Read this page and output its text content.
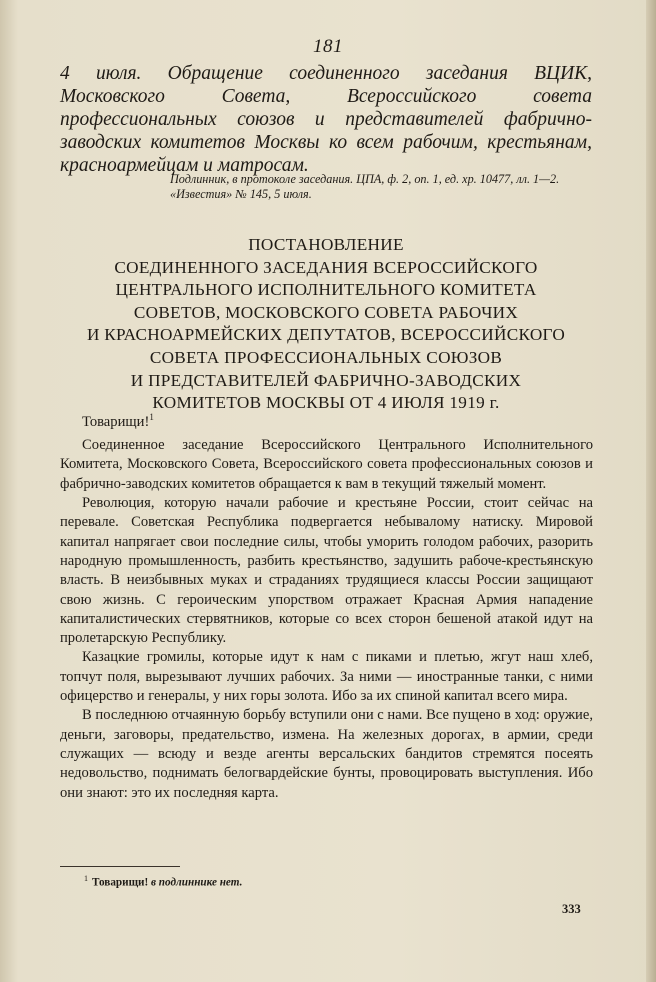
181
4 июля. Обращение соединенного заседания ВЦИК, Московского Совета, Всероссийского совета профессиональных союзов и представителей фабрично-заводских комитетов Москвы ко всем рабочим, крестьянам, красноармейцам и матросам.
Подлинник, в протоколе заседания. ЦПА, ф. 2, оп. 1, ед. хр. 10477, лл. 1—2.
«Известия» № 145, 5 июля.
ПОСТАНОВЛЕНИЕ
СОЕДИНЕННОГО ЗАСЕДАНИЯ ВСЕРОССИЙСКОГО
ЦЕНТРАЛЬНОГО ИСПОЛНИТЕЛЬНОГО КОМИТЕТА
СОВЕТОВ, МОСКОВСКОГО СОВЕТА РАБОЧИХ
И КРАСНОАРМЕЙСКИХ ДЕПУТАТОВ, ВСЕРОССИЙСКОГО
СОВЕТА ПРОФЕССИОНАЛЬНЫХ СОЮЗОВ
И ПРЕДСТАВИТЕЛЕЙ ФАБРИЧНО-ЗАВОДСКИХ
КОМИТЕТОВ МОСКВЫ ОТ 4 ИЮЛЯ 1919 г.

Товарищи!$^1$

Соединенное заседание Всероссийского Центрального Исполнительного Комитета, Московского Совета, Всероссийского совета профессиональных союзов и фабрично-заводских комитетов обращается к вам в текущий тяжелый момент.

Революция, которую начали рабочие и крестьяне России, стоит сейчас на перевале. Советская Республика подвергается небывалому натиску. Мировой капитал напрягает свои последние силы, чтобы уморить голодом рабочих, разорить народную промышленность, разбить крестьянство, задушить рабоче-крестьянскую власть. В неизбывных муках и страданиях трудящиеся классы России защищают свою жизнь. С героическим упорством отражает Красная Армия нападение капиталистических стервятников, которые со всех сторон бешеной атакой идут на пролетарскую Республику.

Казацкие громилы, которые идут к нам с пиками и плетью, жгут наш хлеб, топчут поля, вырезывают лучших рабочих. За ними — иностранные танки, с ними офицерство и генералы, у них горы золота. Ибо за их спиной капитал всего мира.

В последнюю отчаянную борьбу вступили они с нами. Все пущено в ход: оружие, деньги, заговоры, предательство, измена. На железных дорогах, в армии, среди служащих — всюду и везде агенты версальских бандитов стремятся посеять недовольство, поднимать белогвардейские бунты, провоцировать выступления. Ибо они знают: это их последняя карта.

$^1$ Товарищи! в подлиннике нет.
333
